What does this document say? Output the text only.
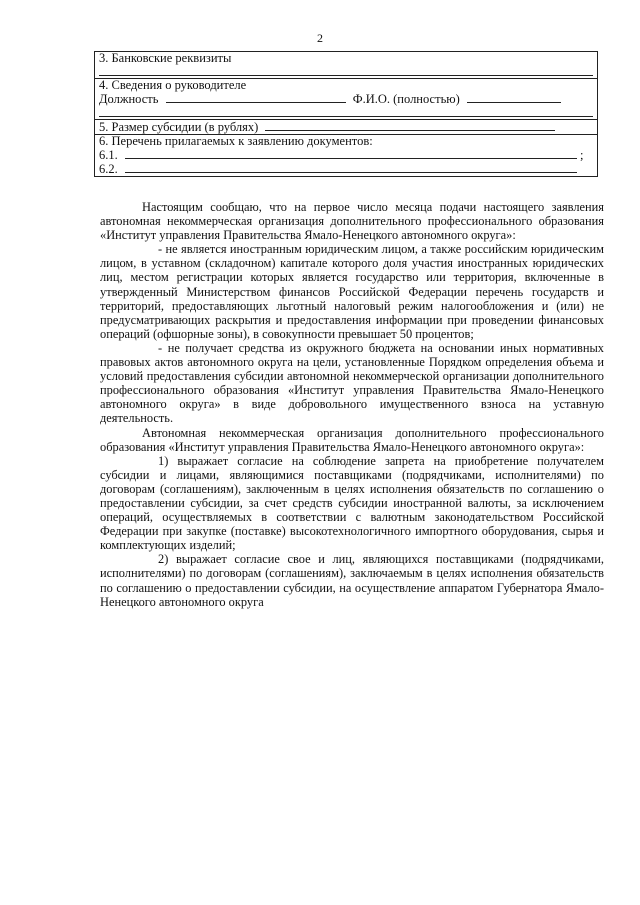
2
3. Банковские реквизиты

4. Сведения о руководителе
Должность	Ф.И.О. (полностью)

5. Размер субсидии (в рублях)

6. Перечень прилагаемых к заявлению документов:
6.1.	;
6.2.

Настоящим сообщаю, что на первое число месяца подачи настоящего заявления автономная некоммерческая организация дополнительного профессионального образования «Институт управления Правительства Ямало-Ненецкого автономного округа»:

- не является иностранным юридическим лицом, а также российским юридическим лицом, в уставном (складочном) капитале которого доля участия иностранных юридических лиц, местом регистрации которых является государство или территория, включенные в утвержденный Министерством финансов Российской Федерации перечень государств и территорий, предоставляющих льготный налоговый режим налогообложения и (или) не предусматривающих раскрытия и предоставления информации при проведении финансовых операций (офшорные зоны), в совокупности превышает 50 процентов;

- не получает средства из окружного бюджета на основании иных нормативных правовых актов автономного округа на цели, установленные Порядком определения объема и условий предоставления субсидии автономной некоммерческой организации дополнительного профессионального образования «Институт управления Правительства Ямало-Ненецкого автономного округа» в виде добровольного имущественного взноса на уставную деятельность.

Автономная некоммерческая организация дополнительного профессионального образования «Институт управления Правительства Ямало-Ненецкого автономного округа»:

1) выражает согласие на соблюдение запрета на приобретение получателем субсидии и лицами, являющимися поставщиками (подрядчиками, исполнителями) по договорам (соглашениям), заключенным в целях исполнения обязательств по соглашению о предоставлении субсидии, за счет средств субсидии иностранной валюты, за исключением операций, осуществляемых в соответствии с валютным законодательством Российской Федерации при закупке (поставке) высокотехнологичного импортного оборудования, сырья и комплектующих изделий;

2) выражает согласие свое и лиц, являющихся поставщиками (подрядчиками, исполнителями) по договорам (соглашениям), заключаемым в целях исполнения обязательств по соглашению о предоставлении субсидии, на осуществление аппаратом Губернатора Ямало-Ненецкого автономного округа
